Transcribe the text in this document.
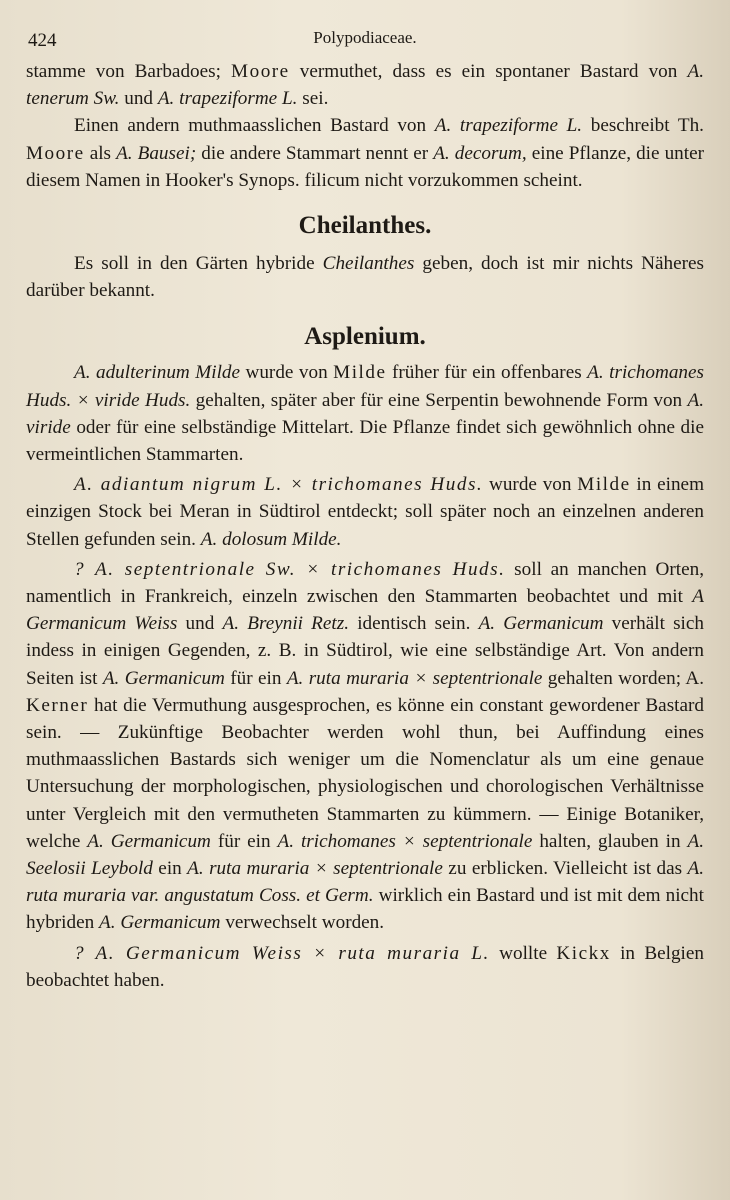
424	Polypodiaceae.

stamme von Barbadoes; Moore vermuthet, dass es ein spontaner Bastard von A. tenerum Sw. und A. trapeziforme L. sei.

Einen andern muthmaasslichen Bastard von A. trapeziforme L. beschreibt Th. Moore als A. Bausei; die andere Stammart nennt er A. decorum, eine Pflanze, die unter diesem Namen in Hooker's Synops. filicum nicht vorzukommen scheint.

Cheilanthes.

Es soll in den Gärten hybride Cheilanthes geben, doch ist mir nichts Näheres darüber bekannt.

Asplenium.

A. adulterinum Milde wurde von Milde früher für ein offenbares A. trichomanes Huds. × viride Huds. gehalten, später aber für eine Serpentin bewohnende Form von A. viride oder für eine selbständige Mittelart. Die Pflanze findet sich gewöhnlich ohne die vermeintlichen Stammarten.

A. adiantum nigrum L. × trichomanes Huds. wurde von Milde in einem einzigen Stock bei Meran in Südtirol entdeckt; soll später noch an einzelnen anderen Stellen gefunden sein. A. dolosum Milde.

? A. septentrionale Sw. × trichomanes Huds. soll an manchen Orten, namentlich in Frankreich, einzeln zwischen den Stammarten beobachtet und mit A Germanicum Weiss und A. Breynii Retz. identisch sein. A. Germanicum verhält sich indess in einigen Gegenden, z. B. in Südtirol, wie eine selbständige Art. Von andern Seiten ist A. Germanicum für ein A. ruta muraria × septentrionale gehalten worden; A. Kerner hat die Vermuthung ausgesprochen, es könne ein constant gewordener Bastard sein. — Zukünftige Beobachter werden wohl thun, bei Auffindung eines muthmaasslichen Bastards sich weniger um die Nomenclatur als um eine genaue Untersuchung der morphologischen, physiologischen und chorologischen Verhältnisse unter Vergleich mit den vermutheten Stammarten zu kümmern. — Einige Botaniker, welche A. Germanicum für ein A. trichomanes × septentrionale halten, glauben in A. Seelosii Leybold ein A. ruta muraria × septentrionale zu erblicken. Vielleicht ist das A. ruta muraria var. angustatum Coss. et Germ. wirklich ein Bastard und ist mit dem nicht hybriden A. Germanicum verwechselt worden.

? A. Germanicum Weiss × ruta muraria L. wollte Kickx in Belgien beobachtet haben.
